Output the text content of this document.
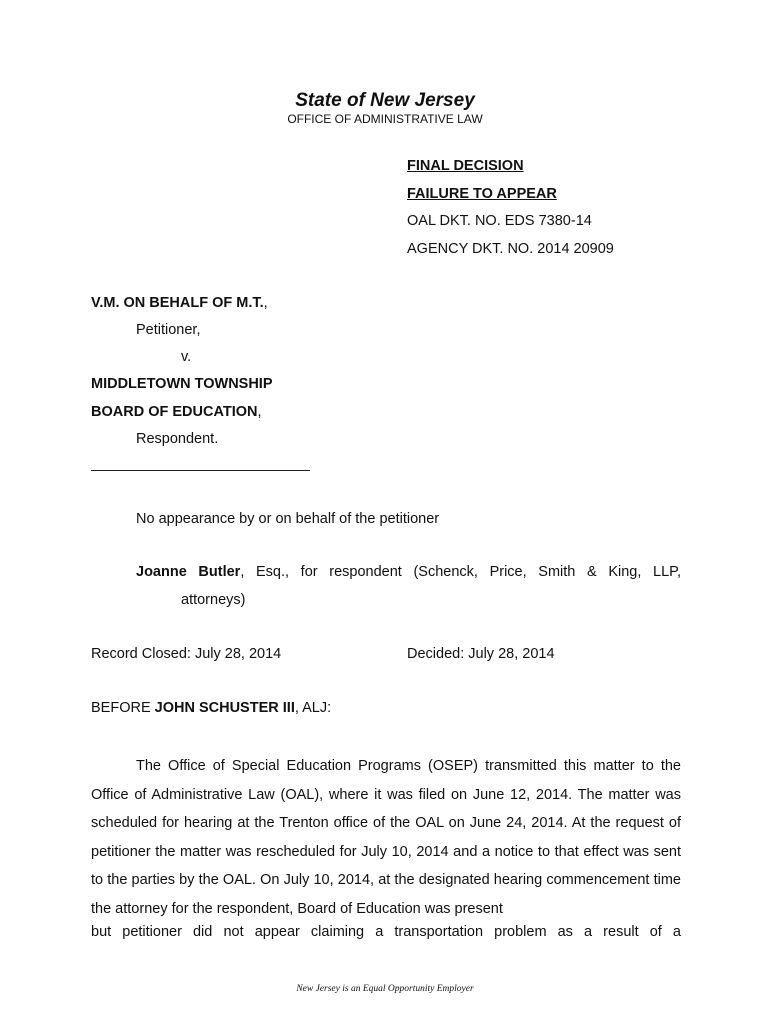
State of New Jersey
OFFICE OF ADMINISTRATIVE LAW
FINAL DECISION
FAILURE TO APPEAR
OAL DKT. NO. EDS 7380-14
AGENCY DKT. NO. 2014 20909
V.M. ON BEHALF OF M.T.,
Petitioner,
v.
MIDDLETOWN TOWNSHIP
BOARD OF EDUCATION,
Respondent.
No appearance by or on behalf of the petitioner
Joanne Butler, Esq., for respondent (Schenck, Price, Smith & King, LLP,
attorneys)
Record Closed: July 28, 2014	Decided: July 28, 2014
BEFORE JOHN SCHUSTER III, ALJ:
The Office of Special Education Programs (OSEP) transmitted this matter to the Office of Administrative Law (OAL), where it was filed on June 12, 2014. The matter was scheduled for hearing at the Trenton office of the OAL on June 24, 2014. At the request of petitioner the matter was rescheduled for July 10, 2014 and a notice to that effect was sent to the parties by the OAL. On July 10, 2014, at the designated hearing commencement time the attorney for the respondent, Board of Education was present
but petitioner did not appear claiming a transportation problem as a result of a
New Jersey is an Equal Opportunity Employer
